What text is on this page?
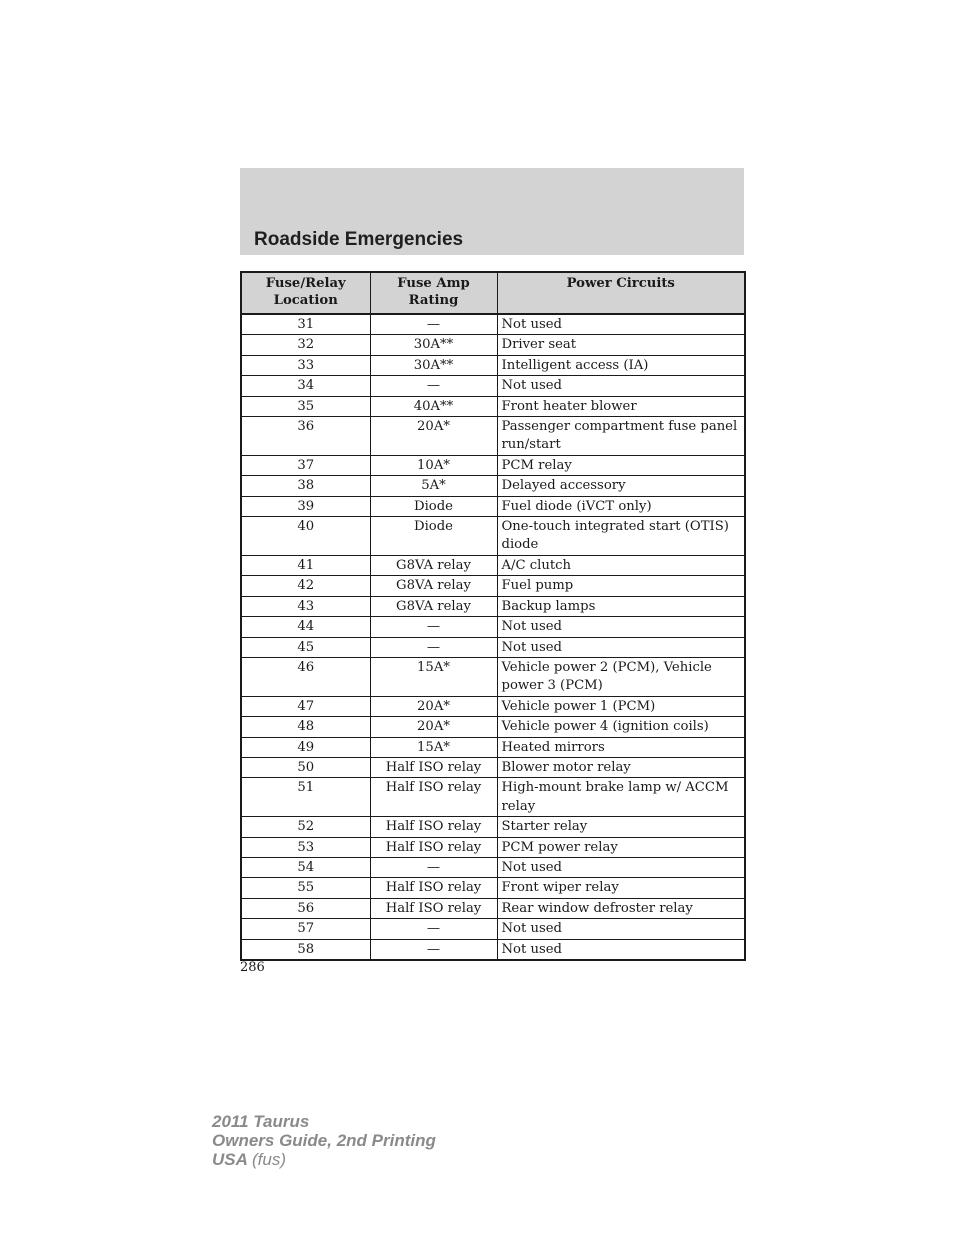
Roadside Emergencies
Fuse/Relay Location	Fuse Amp Rating	Power Circuits
31	—	Not used
32	30A**	Driver seat
33	30A**	Intelligent access (IA)
34	—	Not used
35	40A**	Front heater blower
36	20A*	Passenger compartment fuse panel run/start
37	10A*	PCM relay
38	5A*	Delayed accessory
39	Diode	Fuel diode (iVCT only)
40	Diode	One-touch integrated start (OTIS) diode
41	G8VA relay	A/C clutch
42	G8VA relay	Fuel pump
43	G8VA relay	Backup lamps
44	—	Not used
45	—	Not used
46	15A*	Vehicle power 2 (PCM), Vehicle power 3 (PCM)
47	20A*	Vehicle power 1 (PCM)
48	20A*	Vehicle power 4 (ignition coils)
49	15A*	Heated mirrors
50	Half ISO relay	Blower motor relay
51	Half ISO relay	High-mount brake lamp w/ ACCM relay
52	Half ISO relay	Starter relay
53	Half ISO relay	PCM power relay
54	—	Not used
55	Half ISO relay	Front wiper relay
56	Half ISO relay	Rear window defroster relay
57	—	Not used
58	—	Not used
286
2011 Taurus
Owners Guide, 2nd Printing
USA (fus)
